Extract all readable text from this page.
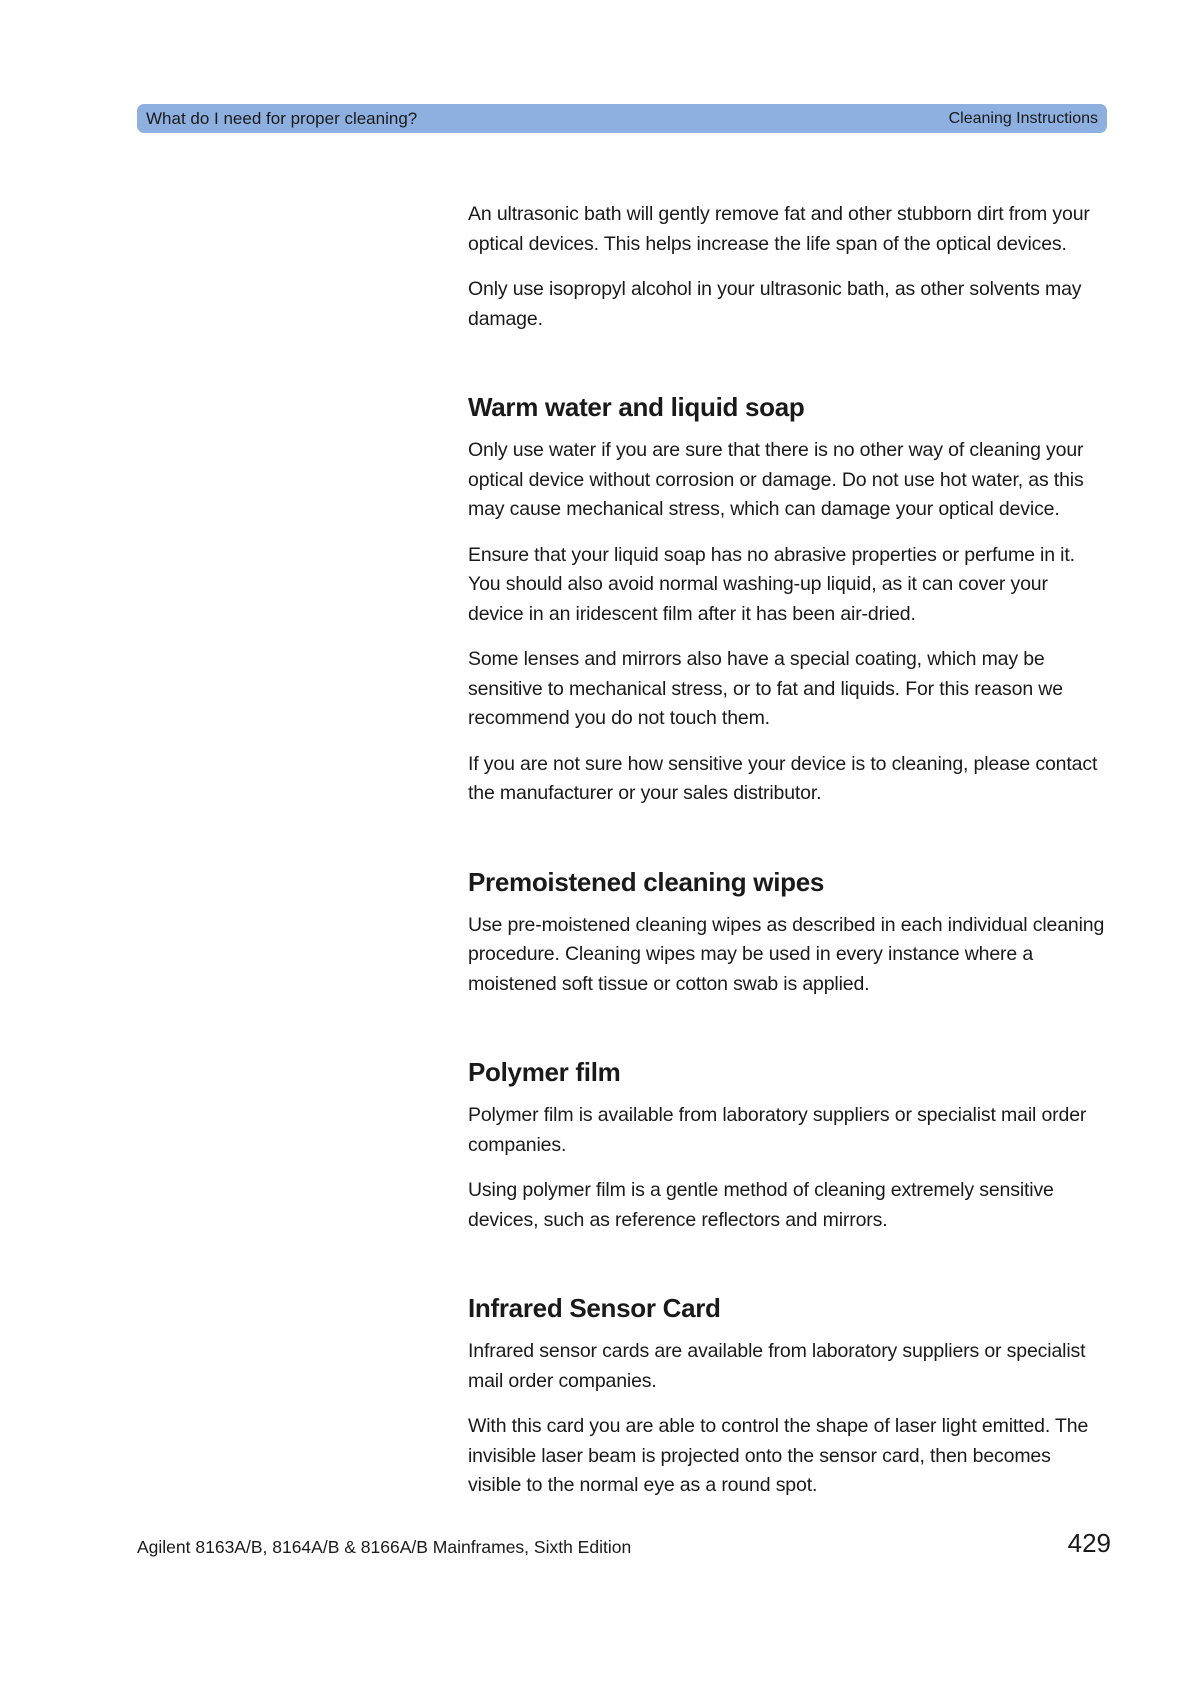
What do I need for proper cleaning?	Cleaning Instructions

An ultrasonic bath will gently remove fat and other stubborn dirt from your optical devices. This helps increase the life span of the optical devices.

Only use isopropyl alcohol in your ultrasonic bath, as other solvents may damage.

Warm water and liquid soap

Only use water if you are sure that there is no other way of cleaning your optical device without corrosion or damage. Do not use hot water, as this may cause mechanical stress, which can damage your optical device.

Ensure that your liquid soap has no abrasive properties or perfume in it. You should also avoid normal washing-up liquid, as it can cover your device in an iridescent film after it has been air-dried.

Some lenses and mirrors also have a special coating, which may be sensitive to mechanical stress, or to fat and liquids. For this reason we recommend you do not touch them.

If you are not sure how sensitive your device is to cleaning, please contact the manufacturer or your sales distributor.

Premoistened cleaning wipes

Use pre-moistened cleaning wipes as described in each individual cleaning procedure. Cleaning wipes may be used in every instance where a moistened soft tissue or cotton swab is applied.

Polymer film

Polymer film is available from laboratory suppliers or specialist mail order companies.

Using polymer film is a gentle method of cleaning extremely sensitive devices, such as reference reflectors and mirrors.

Infrared Sensor Card

Infrared sensor cards are available from laboratory suppliers or specialist mail order companies.

With this card you are able to control the shape of laser light emitted. The invisible laser beam is projected onto the sensor card, then becomes visible to the normal eye as a round spot.

Agilent 8163A/B, 8164A/B & 8166A/B Mainframes, Sixth Edition	429
